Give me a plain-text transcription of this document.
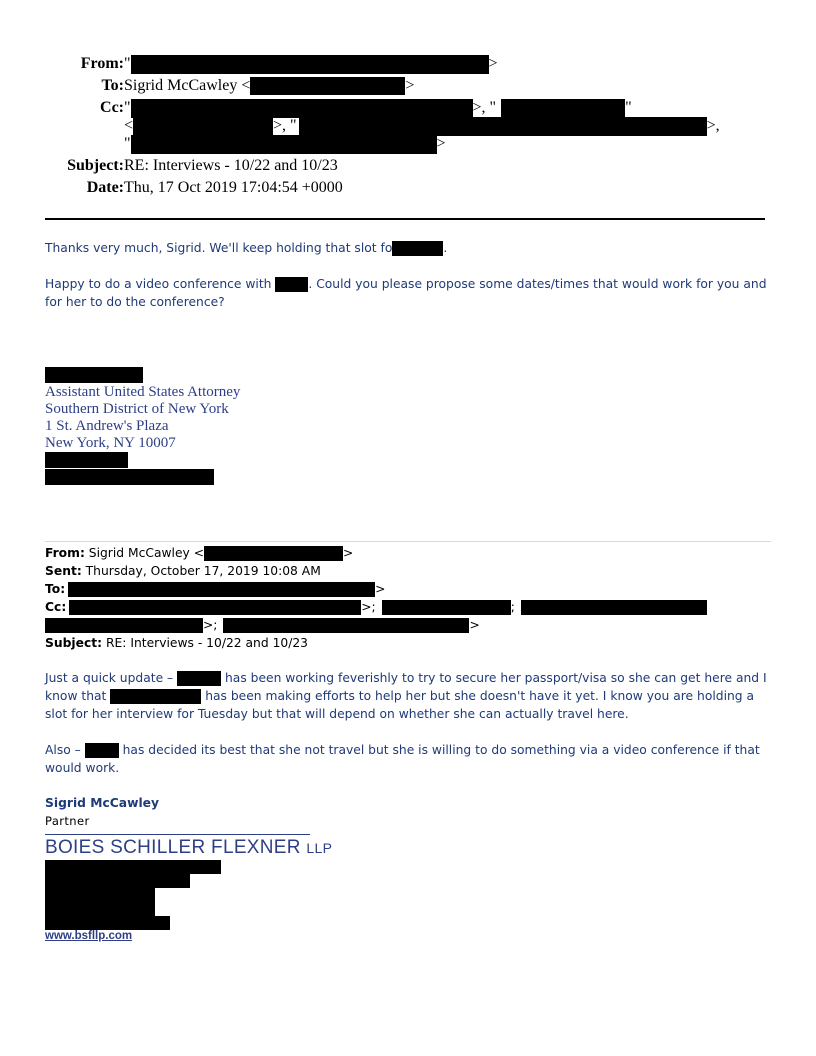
From: "	>
To: Sigrid McCawley <	>
Cc: "	>, "	"
<	>, "	>,
"	>
Subject: RE: Interviews - 10/22 and 10/23
Date: Thu, 17 Oct 2019 17:04:54 +0000

Thanks very much, Sigrid. We'll keep holding that slot fo	.

Happy to do a video conference with	. Could you please propose some dates/times that would work for you and for her to do the conference?

Assistant United States Attorney
Southern District of New York
1 St. Andrew's Plaza
New York, NY 10007
From: Sigrid McCawley <	>
Sent: Thursday, October 17, 2019 10:08 AM
To:	>
Cc:	>;	;
>;	>
Subject: RE: Interviews - 10/22 and 10/23

Just a quick update –	has been working feverishly to try to secure her passport/visa so she can get here and I know that	has been making efforts to help her but she doesn't have it yet. I know you are holding a slot for her interview for Tuesday but that will depend on whether she can actually travel here.

Also –	has decided its best that she not travel but she is willing to do something via a video conference if that would work.

Sigrid McCawley
Partner
BOIES SCHILLER FLEXNER LLP
www.bsfllp.com
